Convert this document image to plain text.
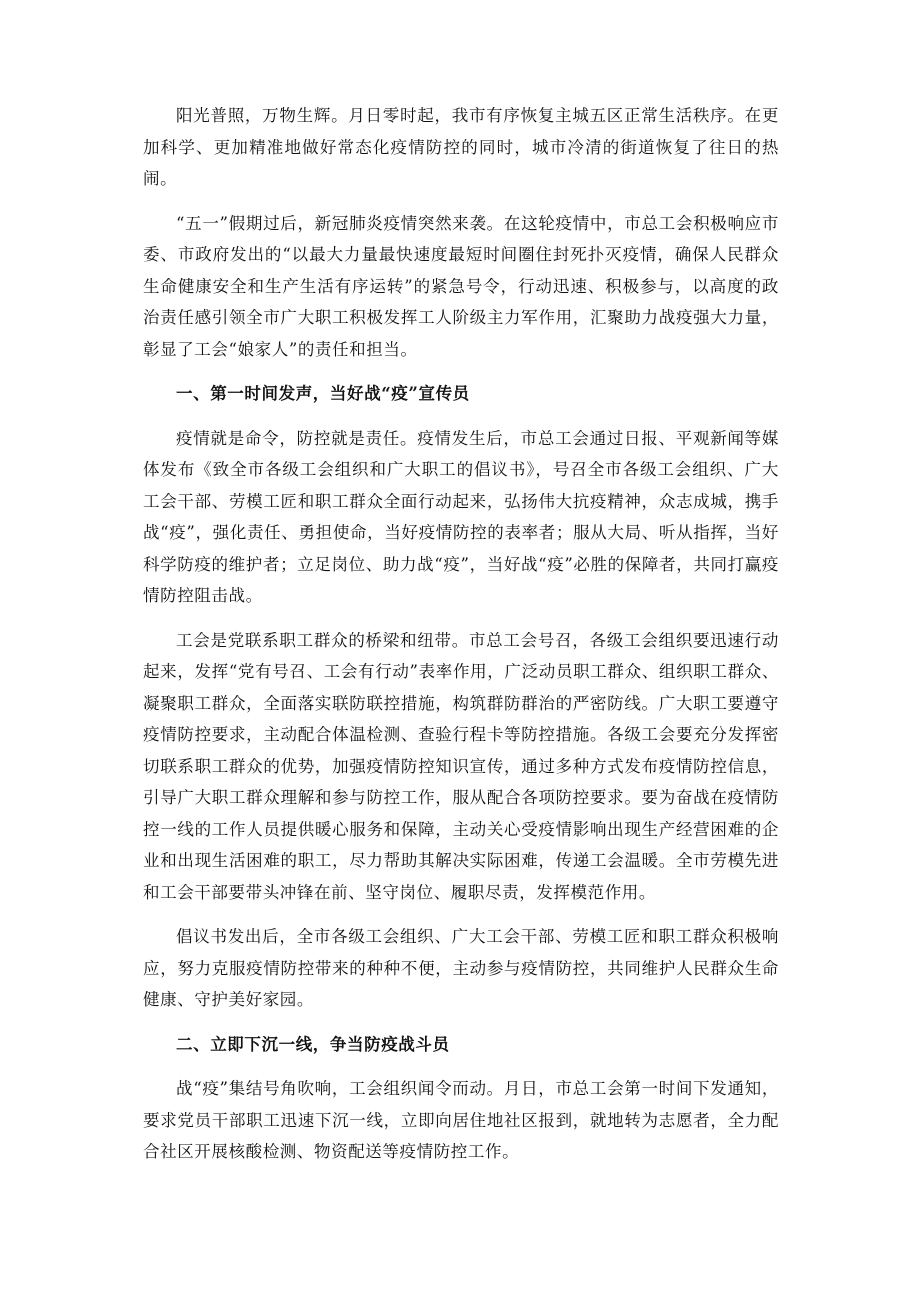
阳光普照，万物生辉。月日零时起，我市有序恢复主城五区正常生活秩序。在更加科学、更加精准地做好常态化疫情防控的同时，城市冷清的街道恢复了往日的热闹。

“五一”假期过后，新冠肺炎疫情突然来袭。在这轮疫情中，市总工会积极响应市委、市政府发出的“以最大力量最快速度最短时间圈住封死扑灭疫情，确保人民群众生命健康安全和生产生活有序运转”的紧急号令，行动迅速、积极参与，以高度的政治责任感引领全市广大职工积极发挥工人阶级主力军作用，汇聚助力战疫强大力量，彰显了工会“娘家人”的责任和担当。

一、第一时间发声，当好战“疫”宣传员

疫情就是命令，防控就是责任。疫情发生后，市总工会通过日报、平观新闻等媒体发布《致全市各级工会组织和广大职工的倡议书》，号召全市各级工会组织、广大工会干部、劳模工匠和职工群众全面行动起来，弘扬伟大抗疫精神，众志成城，携手战“疫”，强化责任、勇担使命，当好疫情防控的表率者；服从大局、听从指挥，当好科学防疫的维护者；立足岗位、助力战“疫”，当好战“疫”必胜的保障者，共同打赢疫情防控阻击战。

工会是党联系职工群众的桥梁和纽带。市总工会号召，各级工会组织要迅速行动起来，发挥“党有号召、工会有行动”表率作用，广泛动员职工群众、组织职工群众、凝聚职工群众，全面落实联防联控措施，构筑群防群治的严密防线。广大职工要遵守疫情防控要求，主动配合体温检测、查验行程卡等防控措施。各级工会要充分发挥密切联系职工群众的优势，加强疫情防控知识宣传，通过多种方式发布疫情防控信息，引导广大职工群众理解和参与防控工作，服从配合各项防控要求。要为奋战在疫情防控一线的工作人员提供暖心服务和保障，主动关心受疫情影响出现生产经营困难的企业和出现生活困难的职工，尽力帮助其解决实际困难，传递工会温暖。全市劳模先进和工会干部要带头冲锋在前、坚守岗位、履职尽责，发挥模范作用。

倡议书发出后，全市各级工会组织、广大工会干部、劳模工匠和职工群众积极响应，努力克服疫情防控带来的种种不便，主动参与疫情防控，共同维护人民群众生命健康、守护美好家园。

二、立即下沉一线，争当防疫战斗员

战“疫”集结号角吹响，工会组织闻令而动。月日，市总工会第一时间下发通知，要求党员干部职工迅速下沉一线，立即向居住地社区报到，就地转为志愿者，全力配合社区开展核酸检测、物资配送等疫情防控工作。
